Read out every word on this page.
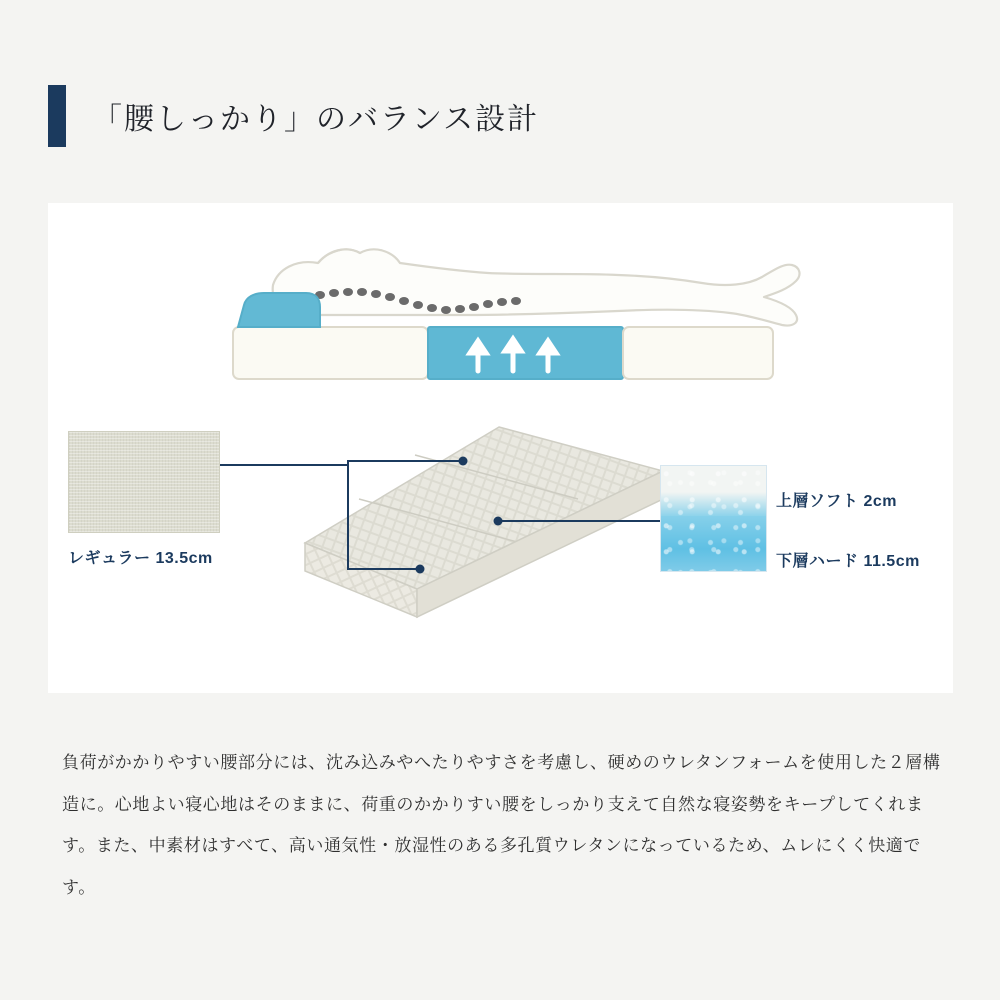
「腰しっかり」のバランス設計
レギュラー 13.5cm
上層ソフト 2cm
下層ハード 11.5cm
負荷がかかりやすい腰部分には、沈み込みやへたりやすさを考慮し、硬めのウレタンフォームを使用した２層構造に。心地よい寝心地はそのままに、荷重のかかりすい腰をしっかり支えて自然な寝姿勢をキープしてくれます。また、中素材はすべて、高い通気性・放湿性のある多孔質ウレタンになっているため、ムレにくく快適です。
